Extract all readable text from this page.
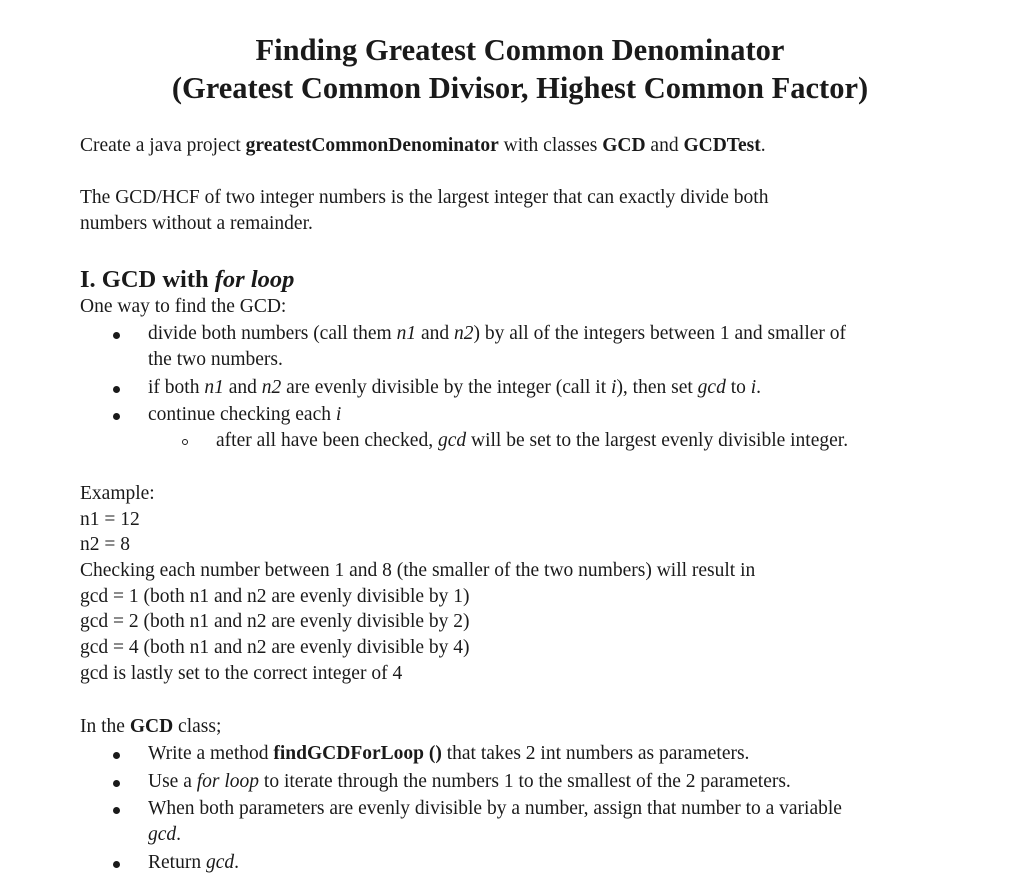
Finding Greatest Common Denominator
(Greatest Common Divisor, Highest Common Factor)

Create a java project greatestCommonDenominator with classes GCD and GCDTest.

The GCD/HCF of two integer numbers is the largest integer that can exactly divide both

numbers without a remainder.

I. GCD with for loop

One way to find the GCD:

divide both numbers (call them n1 and n2) by all of the integers between 1 and smaller of

the two numbers.

if both n1 and n2 are evenly divisible by the integer (call it i), then set gcd to i.

continue checking each i

after all have been checked, gcd will be set to the largest evenly divisible integer.

Example:

n1 = 12

n2 = 8

Checking each number between 1 and 8 (the smaller of the two numbers) will result in

gcd = 1 (both n1 and n2 are evenly divisible by 1)

gcd = 2 (both n1 and n2 are evenly divisible by 2)

gcd = 4 (both n1 and n2 are evenly divisible by 4)

gcd is lastly set to the correct integer of 4

In the GCD class;

Write a method findGCDForLoop () that takes 2 int numbers as parameters.

Use a for loop to iterate through the numbers 1 to the smallest of the 2 parameters.

When both parameters are evenly divisible by a number, assign that number to a variable

gcd.

Return gcd.
